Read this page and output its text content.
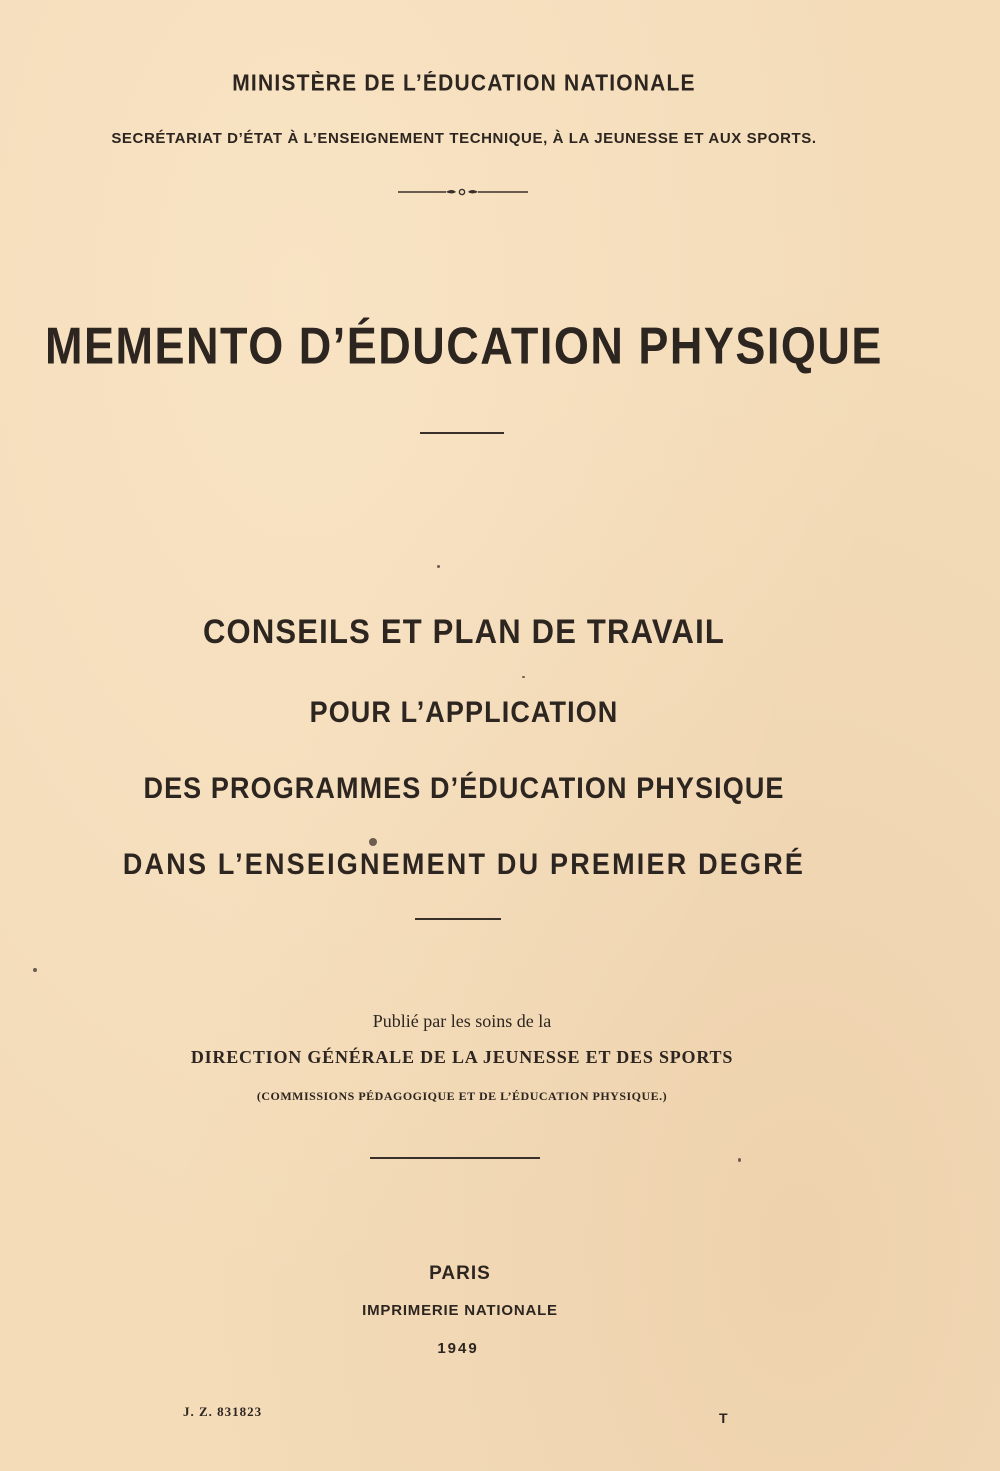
MINISTÈRE DE L’ÉDUCATION NATIONALE
SECRÉTARIAT D’ÉTAT À L’ENSEIGNEMENT TECHNIQUE, À LA JEUNESSE ET AUX SPORTS.
MEMENTO D’ÉDUCATION PHYSIQUE
CONSEILS ET PLAN DE TRAVAIL
POUR L’APPLICATION
DES PROGRAMMES D’ÉDUCATION PHYSIQUE
DANS L’ENSEIGNEMENT DU PREMIER DEGRÉ
Publié par les soins de la
DIRECTION GÉNÉRALE DE LA JEUNESSE ET DES SPORTS
(COMMISSIONS PÉDAGOGIQUE ET DE L’ÉDUCATION PHYSIQUE.)
PARIS
IMPRIMERIE NATIONALE
1949
J. Z. 831823	T
